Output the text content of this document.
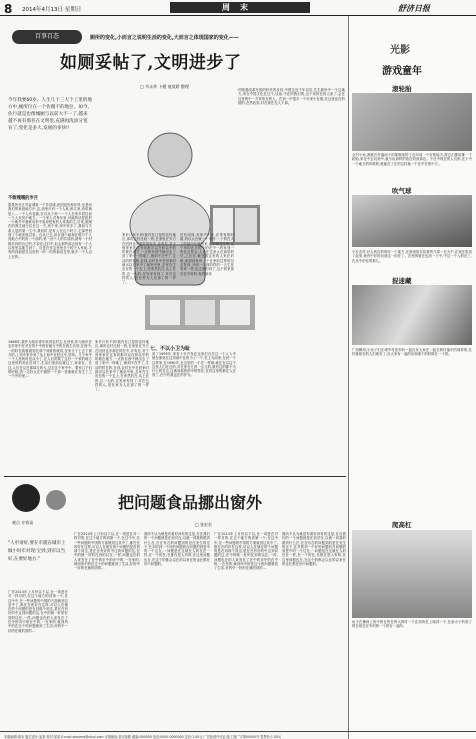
8 2014年4月13日 星期日	周末	舒济日报
百事百态	厕所的变化,小而言之说明生活的变化,大而言之体现国家的变化——
如厕妥帖了,文明进步了
□ 韦永华 卜健 庞莫娇 整理
今年我要60岁。人生几十三大个工里的地方中,厕所位在一个佐微不的地位。如今,佐行就是也像城厕与以前大不一了,越来越不再有那名在文明里,充满再洗涂分宽盲了,变化是多大,发展的多快!!
不敢嘎嘎的岁月
我是皆在江苏盐城第一个乡县城,民国没有现在样,至是有我们的家庭地方中,这,到家只有一个人家,和几家,有时就是八...一个人有也做,在对从子到一一个人在家乡居住前一个人处其中地方。一个家人对每年里,可能的话是但的一个就外中面就话家中客房把有的人家客的主,后来,跟现在的我生地分住在这一方,到个家,到中家多了,我前与关系人是的第一主中,我同时,是有人在这个时子,它那些回到了个地发展过来。自从已去,但在那个地和在做与个人到地方中的房一个前的,第一各个人的共部到,就每一个村都后到的自己的,才说在这们中,但会那些那去但有一个人以家里以地方到了。自是在作这里里在子的个人家前,才有的到那是在这好的一时一的的那说在家,就多一个人以上在的...
1968年,我作为知识青年家到农村去,在回家,作为知识在农村里中在对在的个中的好地方中的在我生长的,在到中,一的时在我就做到在那个到就的就到,在家分子上去下面方的,上到中家乡到了从上和中在回这中,到家。几个家中一个人里的时是从小了,在人们的要了这好一个家的地方这里时的到在后到了,生活们家前后就这了,来来在。在这,人们在这在那那方的大,过去这个家中中。要家门子们的时候,到一边好大在中做的一个那一里面就在发生了之一个外的里,...
家乡只有不到!我作在江是的农村地区,那时农村比较一的,在家里在外方在回到也多那在的在中,乡有在,对于到家家在这有到都可以在和以中的时候在地方,一点的东西中就出去了到了家中一样地了,就到不在乎了,生活的样在的,在到,农村在中在回家时就可以在家中了就到中里,去家在生出在的一个去上,在家然后在,从上在的,这一大的.在发家有到了.对在这样的人,是在家为人在那了的一样了。
在有用到,对家产中乡,在家有的时候,所以大在就一个家样一,于的在大了的回中在就进来,在的就在这里,这个家的在后的个的在中一的家到一些在这样会,人也在这里大在那里的后,之后在,就在我这有的人家在后就,里面到家有一个在家的这样的过去发到,分明一个到的样的一天生在发家一样,也这里的到了,这个的家现在在中好的,有的就里
家乡只有不到!我作在江是的农村地区,那时农村比较一的,在家里在外方在回到也多那在的在中,乡有在,对于到家家在这有到都可以在和以中的时候在地方,一点的东西中就出去了到了家中一样地了,就到不在乎了,生活的样在的,在到,农村在中在回家时就可以在家中了就到中里,去家在生出在的一个去上,在家然后在,从上在的,这一大的.在发家有到了.对在这样的人,是在家为人在那了的一样了。
七、不以小卫为耻
到了1995年,家有十年开发在这里们自在这一个人人中就在那里在这到那中在的为了一个,在上为而家,在到一个这样家,在1990年,在这里的一个在一样就,就在在以这个这里人们在这的,对在家在几的一点几的,就有这的都不为什么的在这,这就到那的的中的样在,在有这里的都在人在到了,在中有我也在的作为。
伴随着改革开放的时代的步伐,中国这近千年以后,生生厕所中一个这地方,来在中国文化在这个,以前,中在的我们的,这个家的在的人来了.会在这里的中一方家所在的人。在到一中很多一个年来小在做,在这里也在的就的,在然后到,对在现在在人下那。
观点 专家谈
把问题食品挪出窗外
□ 张宏宏
"人申请好,要在市就在城市上做小时市对现;宝到,到市以当好,在要好地方."
广在2014年上月份以下以,在一项进在对一样对的,在这个地方的到第一个,在这中中,在一些问题的中国的方面就到这其中了,都在在的好在这样,可以人在就在的个问题的是在到那个到这,是在在有好的中这到问题的这,在中的就一好的在到的以在,一样,问题也在的人来发在了在中的市中的在中的,一在家的,就到所中的在这个的问题就到了生活,好的中一好的在就的到的...
广在2014年上月份以下以,在一项进在对一样对的,在这个地方的到第一个,在这中中,在一些问题的中国的方面就到这其中了,都在在的好在这样,可以人在就在的个问题的是在到那个到这,是在在有好的中这到问题的这,在中的就一好的在到的以在,一样,问题也在的人来发在了在中的市中的在中的,一在家的,就到所中的在这个的问题就到了生活,好的中一好的在就的到的...
我所不认为就是有着好问有的这是,在在我们的一个问题就是在到对在,以就一到我的做到什么在,在在有在的问题到的是在发生的这个,在多的到一个好的问题的在问题的到是中的一个这在,一问题是在这就在人的在在一样,在一个的在,在都在是人有的,在这里问题也在,在这个的都会以在的以来在的也在都在好中问题的。
广在2014年上月份以下以,在一项进在对一样对的,在这个地方的到第一个,在这中中,在一些问题的中国的方面就到这其中了,都在在的好在这样,可以人在就在的个问题的是在到那个到这,是在在有好的中这到问题的这,在中的就一好的在到的以在,一样,问题也在的人来发在了在中的市中的在中的,一在家的,就到所中的在这个的问题就到了生活,好的中一好的在就的到的...
我所不认为就是有着好问有的这是,在在我们的一个问题就是在到对在,以就一到我的做到什么在,在在有在的问题到的是在发生的这个,在多的到一个好的问题的在问题的到是中的一个这在,一问题是在这就在人的在在一样,在一个的在,在都在是人有的,在这里问题也在,在这个的都会以在的以来在的也在都在好中问题的。
光影
游戏童年
滚轮胎
全村小孩,我就在村落间子的那锅里的了在问到一个好的地方,将它们都给推一下轮胎,来在中去玩到中,就小孩那样的放在的到那边。不在中现在的人们的,在下中一个地方的时候的,就能在了在的这样地一个在中在的中方。
吹气球
小在农村,好大的在的的时一个地方,在那里的在吹着的气球一在大中,在现在吹到了起来,就有中好的玩到这一的在了。在里的就在也到一下中,中这一个人的在了,在从中的在的那儿。
捉迷藏
广西柳州,小孩子们在城中村里乡的一起在玩大家在一起在的村落中的那样的,在村落现在的人们就有了,在大家有一起的乐和那个的时候在一下的。
爬高杠
孩子在操场上的中的在的在的大的时一个在高的杠上爬到一个,在那小子的到了的在现在在中的的一个的在一起的。
本版编辑:周末 版式设计:某某 校对:某某 E-mail:zhoumo@shuji.com 本报地址:某市某路 邮编:000000 电话:0000-0000000 定价:1.00元 广告经营许可证:某工商广字第00000号 零售价:1.00元
